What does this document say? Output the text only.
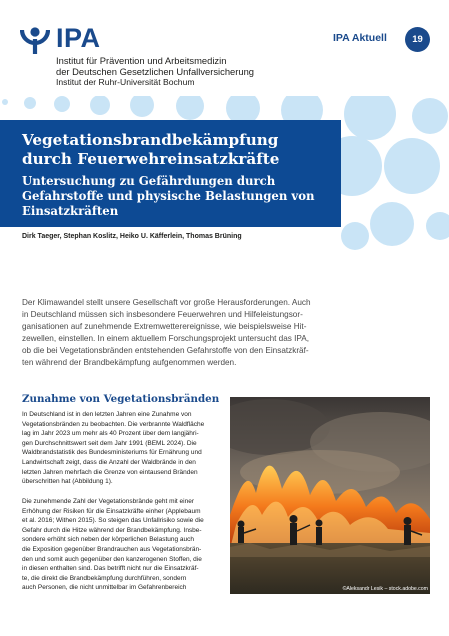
IPA
Institut für Prävention und Arbeitsmedizin
der Deutschen Gesetzlichen Unfallversicherung
Institut der Ruhr-Universität Bochum
IPA Aktuell	19
Vegetationsbrandbekämpfung durch Feuerwehreinsatzkräfte
Untersuchung zu Gefährdungen durch Gefahrstoffe und physische Belastungen von Einsatzkräften
Dirk Taeger, Stephan Koslitz, Heiko U. Käfferlein, Thomas Brüning
Der Klimawandel stellt unsere Gesellschaft vor große Herausforderungen. Auch
in Deutschland müssen sich insbesondere Feuerwehren und Hilfeleistungsor-
ganisationen auf zunehmende Extremwetterereignisse, wie beispielsweise Hit-
zewellen, einstellen. In einem aktuellem Forschungsprojekt untersucht das IPA,
ob die bei Vegetationsbränden entstehenden Gefahrstoffe von den Einsatzkräf-
ten während der Brandbekämpfung aufgenommen werden.
Zunahme von Vegetationsbränden
In Deutschland ist in den letzten Jahren eine Zunahme von
Vegetationsbränden zu beobachten. Die verbrannte Waldfläche
lag im Jahr 2023 um mehr als 40 Prozent über dem langjähri-
gen Durchschnittswert seit dem Jahr 1991 (BEML 2024). Die
Waldbrandstatistik des Bundesministeriums für Ernährung und
Landwirtschaft zeigt, dass die Anzahl der Waldbrände in den
letzten Jahren mehrfach die Grenze von eintausend Bränden
überschritten hat (Abbildung 1).
Die zunehmende Zahl der Vegetationsbrände geht mit einer
Erhöhung der Risiken für die Einsatzkräfte einher (Applebaum
et al. 2016; Withen 2015). So steigen das Unfallrisiko sowie die
Gefahr durch die Hitze während der Brandbekämpfung. Insbe-
sondere erhöht sich neben der körperlichen Belastung auch
die Exposition gegenüber Brandrauchen aus Vegetationsbrän-
den und somit auch gegenüber den kanzerogenen Stoffen, die
in diesen enthalten sind. Das betrifft nicht nur die Einsatzkräf-
te, die direkt die Brandbekämpfung durchführen, sondern
auch Personen, die nicht unmittelbar im Gefahrenbereich	©Aleksandr Lesik – stock.adobe.com
